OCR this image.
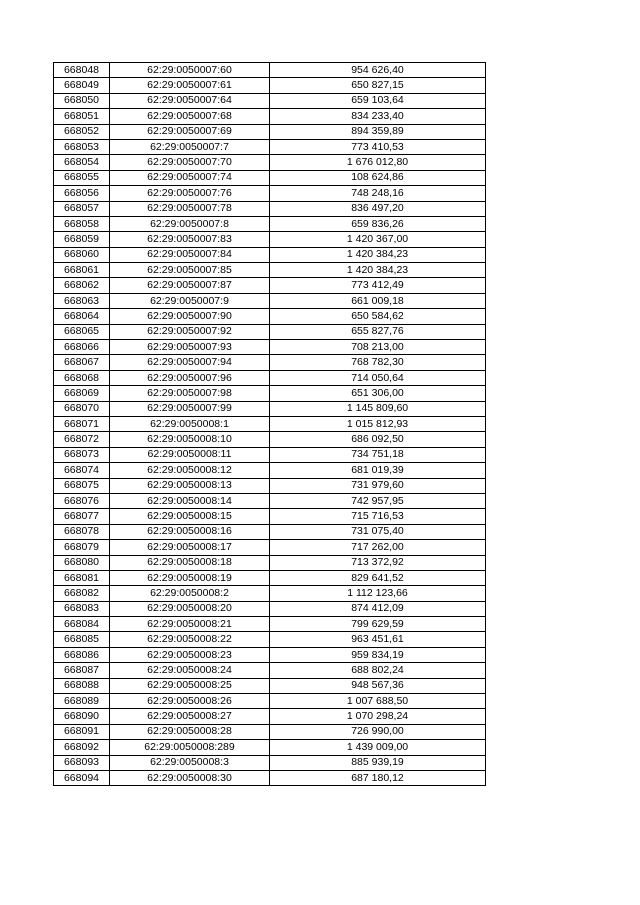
668048	62:29:0050007:60	954 626,40
668049	62:29:0050007:61	650 827,15
668050	62:29:0050007:64	659 103,64
668051	62:29:0050007:68	834 233,40
668052	62:29:0050007:69	894 359,89
668053	62:29:0050007:7	773 410,53
668054	62:29:0050007:70	1 676 012,80
668055	62:29:0050007:74	108 624,86
668056	62:29:0050007:76	748 248,16
668057	62:29:0050007:78	836 497,20
668058	62:29:0050007:8	659 836,26
668059	62:29:0050007:83	1 420 367,00
668060	62:29:0050007:84	1 420 384,23
668061	62:29:0050007:85	1 420 384,23
668062	62:29:0050007:87	773 412,49
668063	62:29:0050007:9	661 009,18
668064	62:29:0050007:90	650 584,62
668065	62:29:0050007:92	655 827,76
668066	62:29:0050007:93	708 213,00
668067	62:29:0050007:94	768 782,30
668068	62:29:0050007:96	714 050,64
668069	62:29:0050007:98	651 306,00
668070	62:29:0050007:99	1 145 809,60
668071	62:29:0050008:1	1 015 812,93
668072	62:29:0050008:10	686 092,50
668073	62:29:0050008:11	734 751,18
668074	62:29:0050008:12	681 019,39
668075	62:29:0050008:13	731 979,60
668076	62:29:0050008:14	742 957,95
668077	62:29:0050008:15	715 716,53
668078	62:29:0050008:16	731 075,40
668079	62:29:0050008:17	717 262,00
668080	62:29:0050008:18	713 372,92
668081	62:29:0050008:19	829 641,52
668082	62:29:0050008:2	1 112 123,66
668083	62:29:0050008:20	874 412,09
668084	62:29:0050008:21	799 629,59
668085	62:29:0050008:22	963 451,61
668086	62:29:0050008:23	959 834,19
668087	62:29:0050008:24	688 802,24
668088	62:29:0050008:25	948 567,36
668089	62:29:0050008:26	1 007 688,50
668090	62:29:0050008:27	1 070 298,24
668091	62:29:0050008:28	726 990,00
668092	62:29:0050008:289	1 439 009,00
668093	62:29:0050008:3	885 939,19
668094	62:29:0050008:30	687 180,12
